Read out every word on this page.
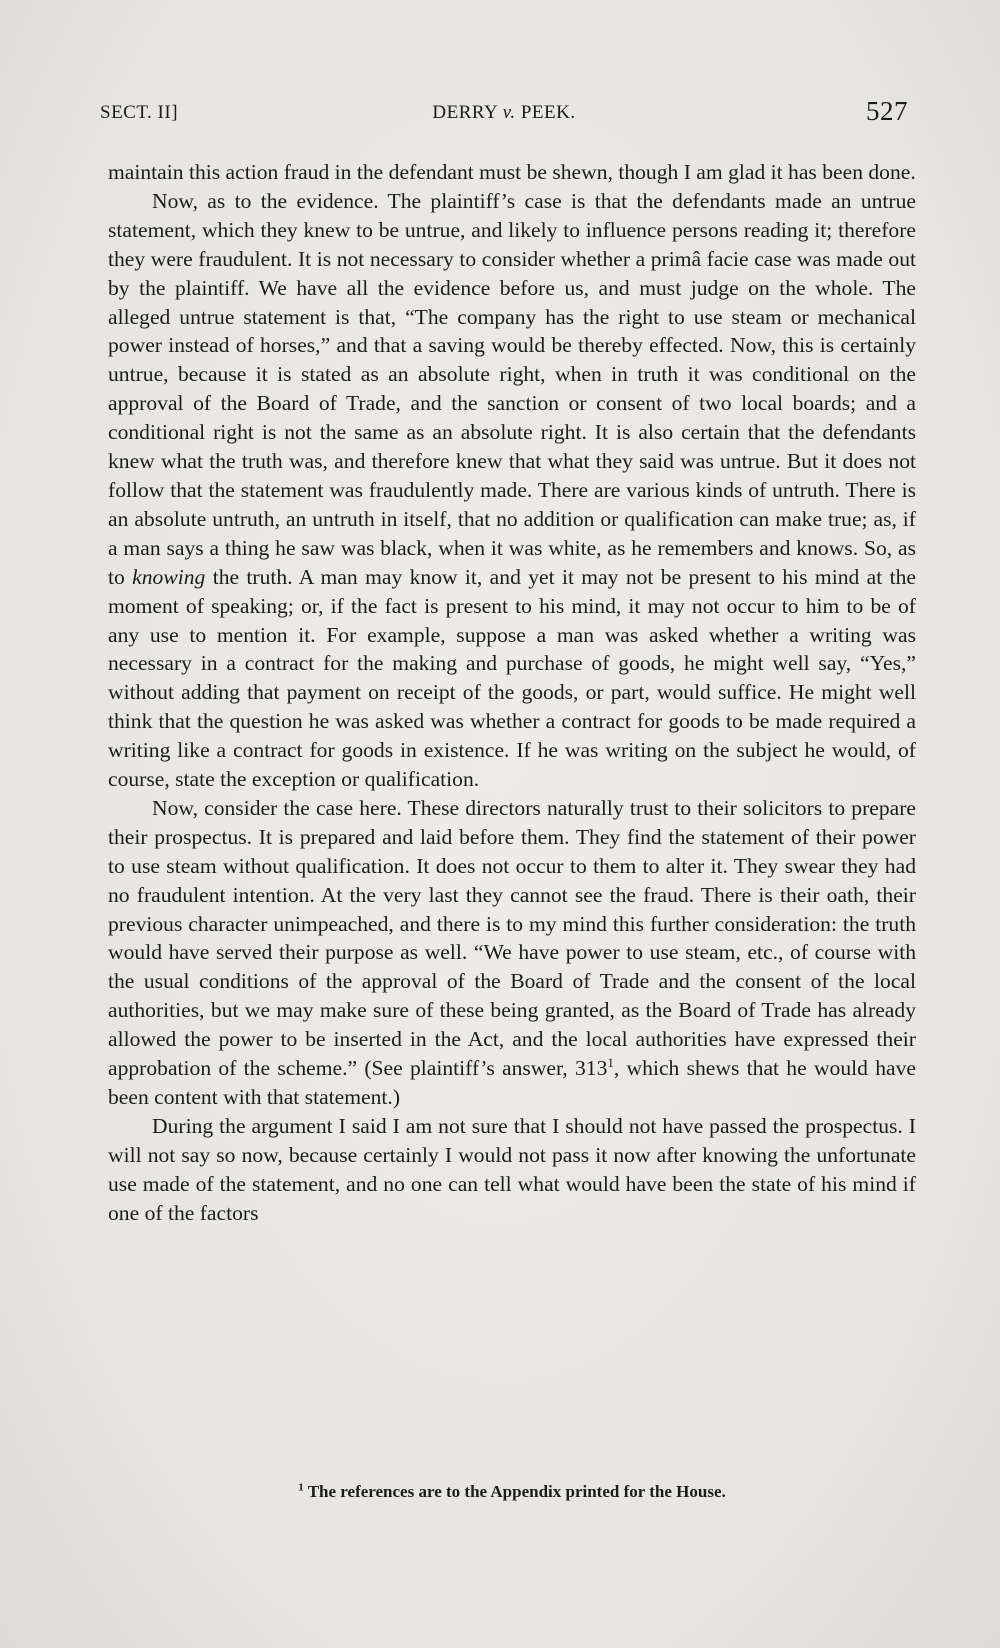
SECT. II]	DERRY v. PEEK.	527

maintain this action fraud in the defendant must be shewn, though I am glad it has been done.

Now, as to the evidence. The plaintiff’s case is that the defendants made an untrue statement, which they knew to be untrue, and likely to influence persons reading it; therefore they were fraudulent. It is not necessary to consider whether a primâ facie case was made out by the plaintiff. We have all the evidence before us, and must judge on the whole. The alleged untrue statement is that, “The company has the right to use steam or mechanical power instead of horses,” and that a saving would be thereby effected. Now, this is certainly untrue, because it is stated as an absolute right, when in truth it was conditional on the approval of the Board of Trade, and the sanction or consent of two local boards; and a conditional right is not the same as an absolute right. It is also certain that the defendants knew what the truth was, and therefore knew that what they said was untrue. But it does not follow that the statement was fraudulently made. There are various kinds of untruth. There is an absolute untruth, an untruth in itself, that no addition or qualification can make true; as, if a man says a thing he saw was black, when it was white, as he remembers and knows. So, as to knowing the truth. A man may know it, and yet it may not be present to his mind at the moment of speaking; or, if the fact is present to his mind, it may not occur to him to be of any use to mention it. For example, suppose a man was asked whether a writing was necessary in a contract for the making and purchase of goods, he might well say, “Yes,” without adding that payment on receipt of the goods, or part, would suffice. He might well think that the question he was asked was whether a contract for goods to be made required a writing like a contract for goods in existence. If he was writing on the subject he would, of course, state the exception or qualification.

Now, consider the case here. These directors naturally trust to their solicitors to prepare their prospectus. It is prepared and laid before them. They find the statement of their power to use steam without qualification. It does not occur to them to alter it. They swear they had no fraudulent intention. At the very last they cannot see the fraud. There is their oath, their previous character unimpeached, and there is to my mind this further consideration: the truth would have served their purpose as well. “We have power to use steam, etc., of course with the usual conditions of the approval of the Board of Trade and the consent of the local authorities, but we may make sure of these being granted, as the Board of Trade has already allowed the power to be inserted in the Act, and the local authorities have expressed their approbation of the scheme.” (See plaintiff’s answer, $313^1$, which shews that he would have been content with that statement.)

During the argument I said I am not sure that I should not have passed the prospectus. I will not say so now, because certainly I would not pass it now after knowing the unfortunate use made of the statement, and no one can tell what would have been the state of his mind if one of the factors

$^1$ The references are to the Appendix printed for the House.
